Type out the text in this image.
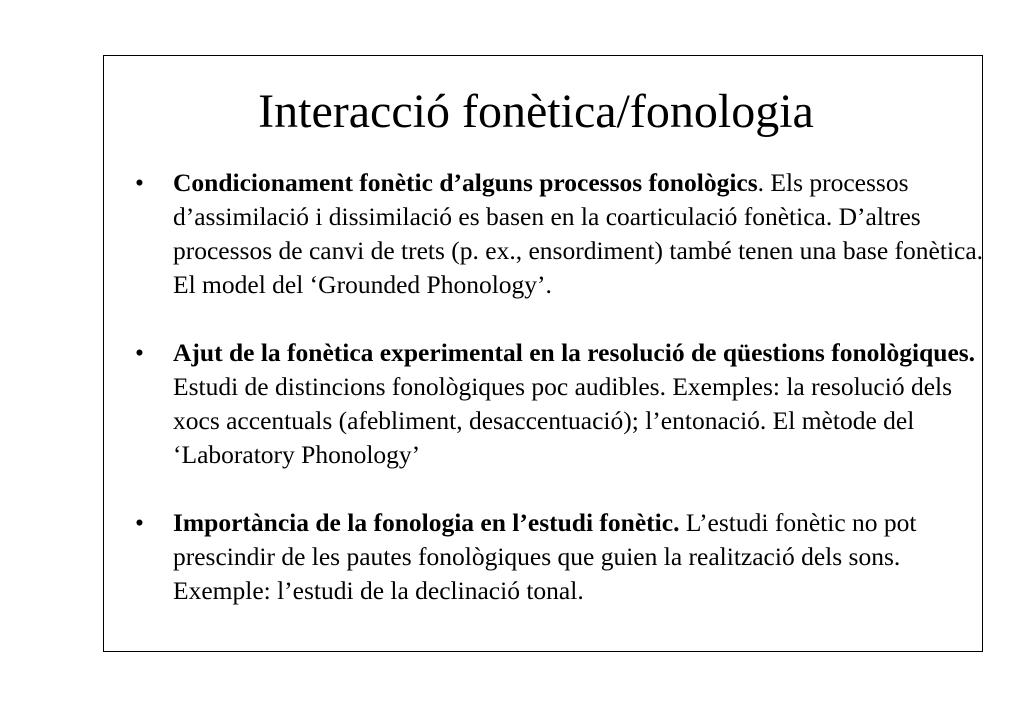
Interacció fonètica/fonologia
•	Condicionament fonètic d’alguns processos fonològics. Els processos d’assimilació i dissimilació es basen en la coarticulació fonètica. D’altres processos de canvi de trets (p. ex., ensordiment) també tenen una base fonètica. El model del ‘Grounded Phonology’.
•	Ajut de la fonètica experimental en la resolució de qüestions fonològiques. Estudi de distincions fonològiques poc audibles. Exemples: la resolució dels xocs accentuals (afebliment, desaccentuació); l’entonació. El mètode del ‘Laboratory Phonology’
•	Importància de la fonologia en l’estudi fonètic. L’estudi fonètic no pot prescindir de les pautes fonològiques que guien la realització dels sons. Exemple: l’estudi de la declinació tonal.
